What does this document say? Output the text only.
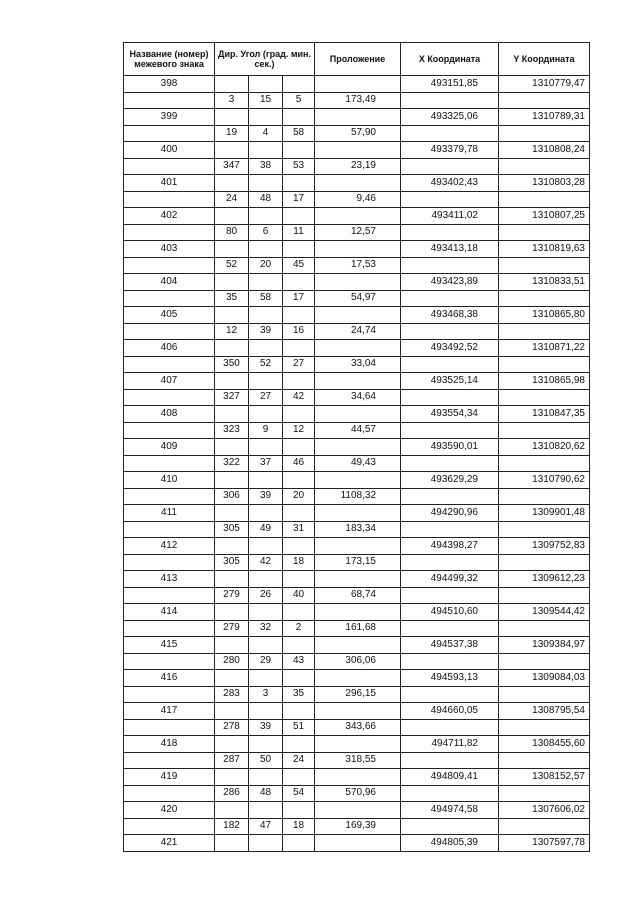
Название (номер) межевого знака	Дир. Угол (град. мин. сек.)			Проложение	X Координата	Y Координата
398					493151,85	1310779,47
	3	15	5	173,49		
399					493325,06	1310789,31
	19	4	58	57,90		
400					493379,78	1310808,24
	347	38	53	23,19		
401					493402,43	1310803,28
	24	48	17	9,46		
402					493411,02	1310807,25
	80	6	11	12,57		
403					493413,18	1310819,63
	52	20	45	17,53		
404					493423,89	1310833,51
	35	58	17	54,97		
405					493468,38	1310865,80
	12	39	16	24,74		
406					493492,52	1310871,22
	350	52	27	33,04		
407					493525,14	1310865,98
	327	27	42	34,64		
408					493554,34	1310847,35
	323	9	12	44,57		
409					493590,01	1310820,62
	322	37	46	49,43		
410					493629,29	1310790,62
	306	39	20	1108,32		
411					494290,96	1309901,48
	305	49	31	183,34		
412					494398,27	1309752,83
	305	42	18	173,15		
413					494499,32	1309612,23
	279	26	40	68,74		
414					494510,60	1309544,42
	279	32	2	161,68		
415					494537,38	1309384,97
	280	29	43	306,06		
416					494593,13	1309084,03
	283	3	35	296,15		
417					494660,05	1308795,54
	278	39	51	343,66		
418					494711,82	1308455,60
	287	50	24	318,55		
419					494809,41	1308152,57
	286	48	54	570,96		
420					494974,58	1307606,02
	182	47	18	169,39		
421					494805,39	1307597,78
